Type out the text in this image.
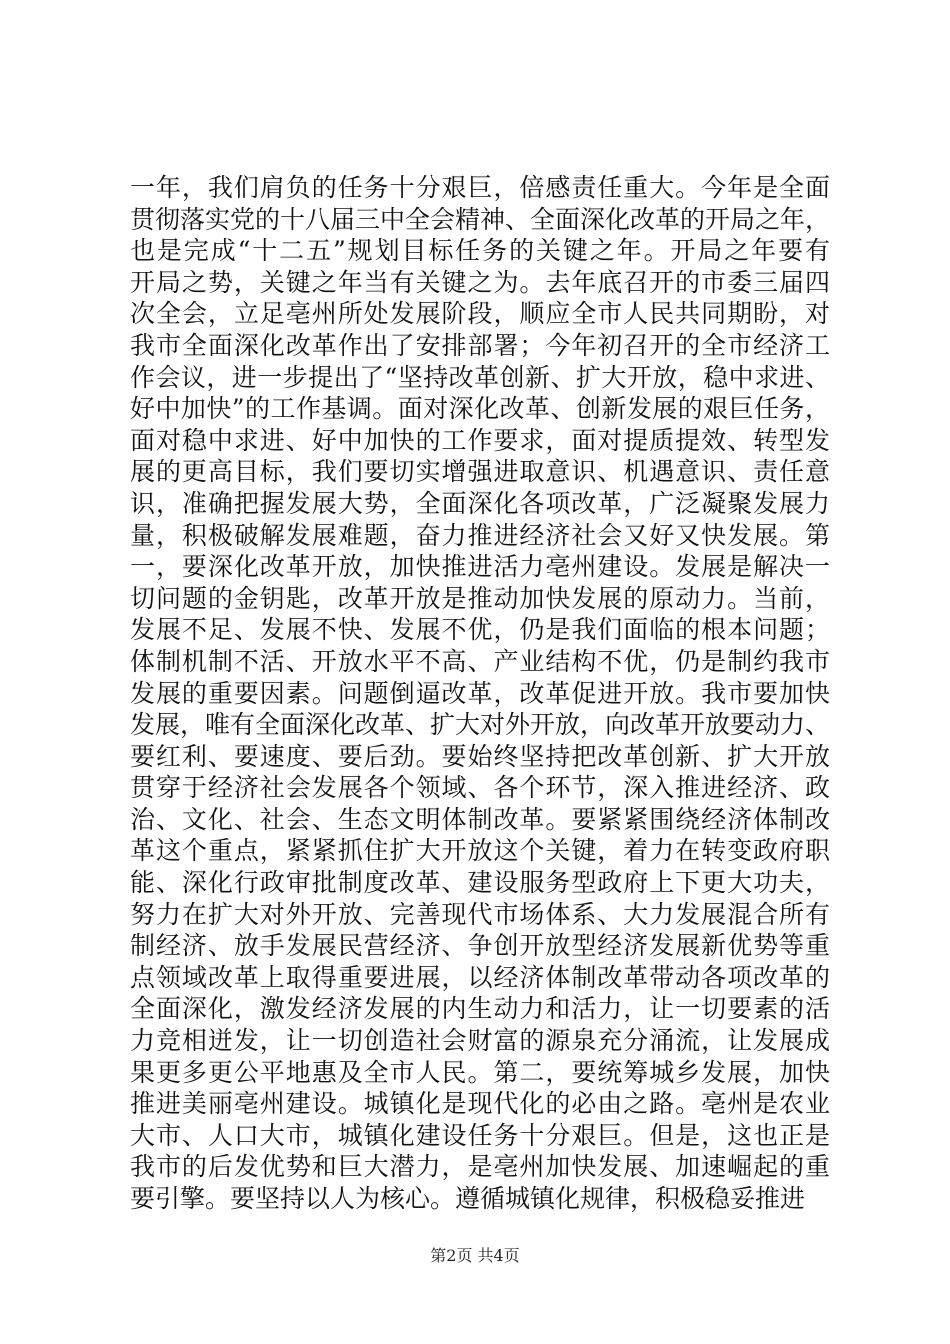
一年，我们肩负的任务十分艰巨，倍感责任重大。今年是全面
贯彻落实党的十八届三中全会精神、全面深化改革的开局之年，
也是完成“十二五”规划目标任务的关键之年。开局之年要有
开局之势，关键之年当有关键之为。去年底召开的市委三届四
次全会，立足亳州所处发展阶段，顺应全市人民共同期盼，对
我市全面深化改革作出了安排部署；今年初召开的全市经济工
作会议，进一步提出了“坚持改革创新、扩大开放，稳中求进、
好中加快”的工作基调。面对深化改革、创新发展的艰巨任务，
面对稳中求进、好中加快的工作要求，面对提质提效、转型发
展的更高目标，我们要切实增强进取意识、机遇意识、责任意
识，准确把握发展大势，全面深化各项改革，广泛凝聚发展力
量，积极破解发展难题，奋力推进经济社会又好又快发展。第
一，要深化改革开放，加快推进活力亳州建设。发展是解决一
切问题的金钥匙，改革开放是推动加快发展的原动力。当前，
发展不足、发展不快、发展不优，仍是我们面临的根本问题；
体制机制不活、开放水平不高、产业结构不优，仍是制约我市
发展的重要因素。问题倒逼改革，改革促进开放。我市要加快
发展，唯有全面深化改革、扩大对外开放，向改革开放要动力、
要红利、要速度、要后劲。要始终坚持把改革创新、扩大开放
贯穿于经济社会发展各个领域、各个环节，深入推进经济、政
治、文化、社会、生态文明体制改革。要紧紧围绕经济体制改
革这个重点，紧紧抓住扩大开放这个关键，着力在转变政府职
能、深化行政审批制度改革、建设服务型政府上下更大功夫，
努力在扩大对外开放、完善现代市场体系、大力发展混合所有
制经济、放手发展民营经济、争创开放型经济发展新优势等重
点领域改革上取得重要进展，以经济体制改革带动各项改革的
全面深化，激发经济发展的内生动力和活力，让一切要素的活
力竞相迸发，让一切创造社会财富的源泉充分涌流，让发展成
果更多更公平地惠及全市人民。第二，要统筹城乡发展，加快
推进美丽亳州建设。城镇化是现代化的必由之路。亳州是农业
大市、人口大市，城镇化建设任务十分艰巨。但是，这也正是
我市的后发优势和巨大潜力，是亳州加快发展、加速崛起的重
要引擎。要坚持以人为核心。遵循城镇化规律，积极稳妥推进
第2页 共4页
